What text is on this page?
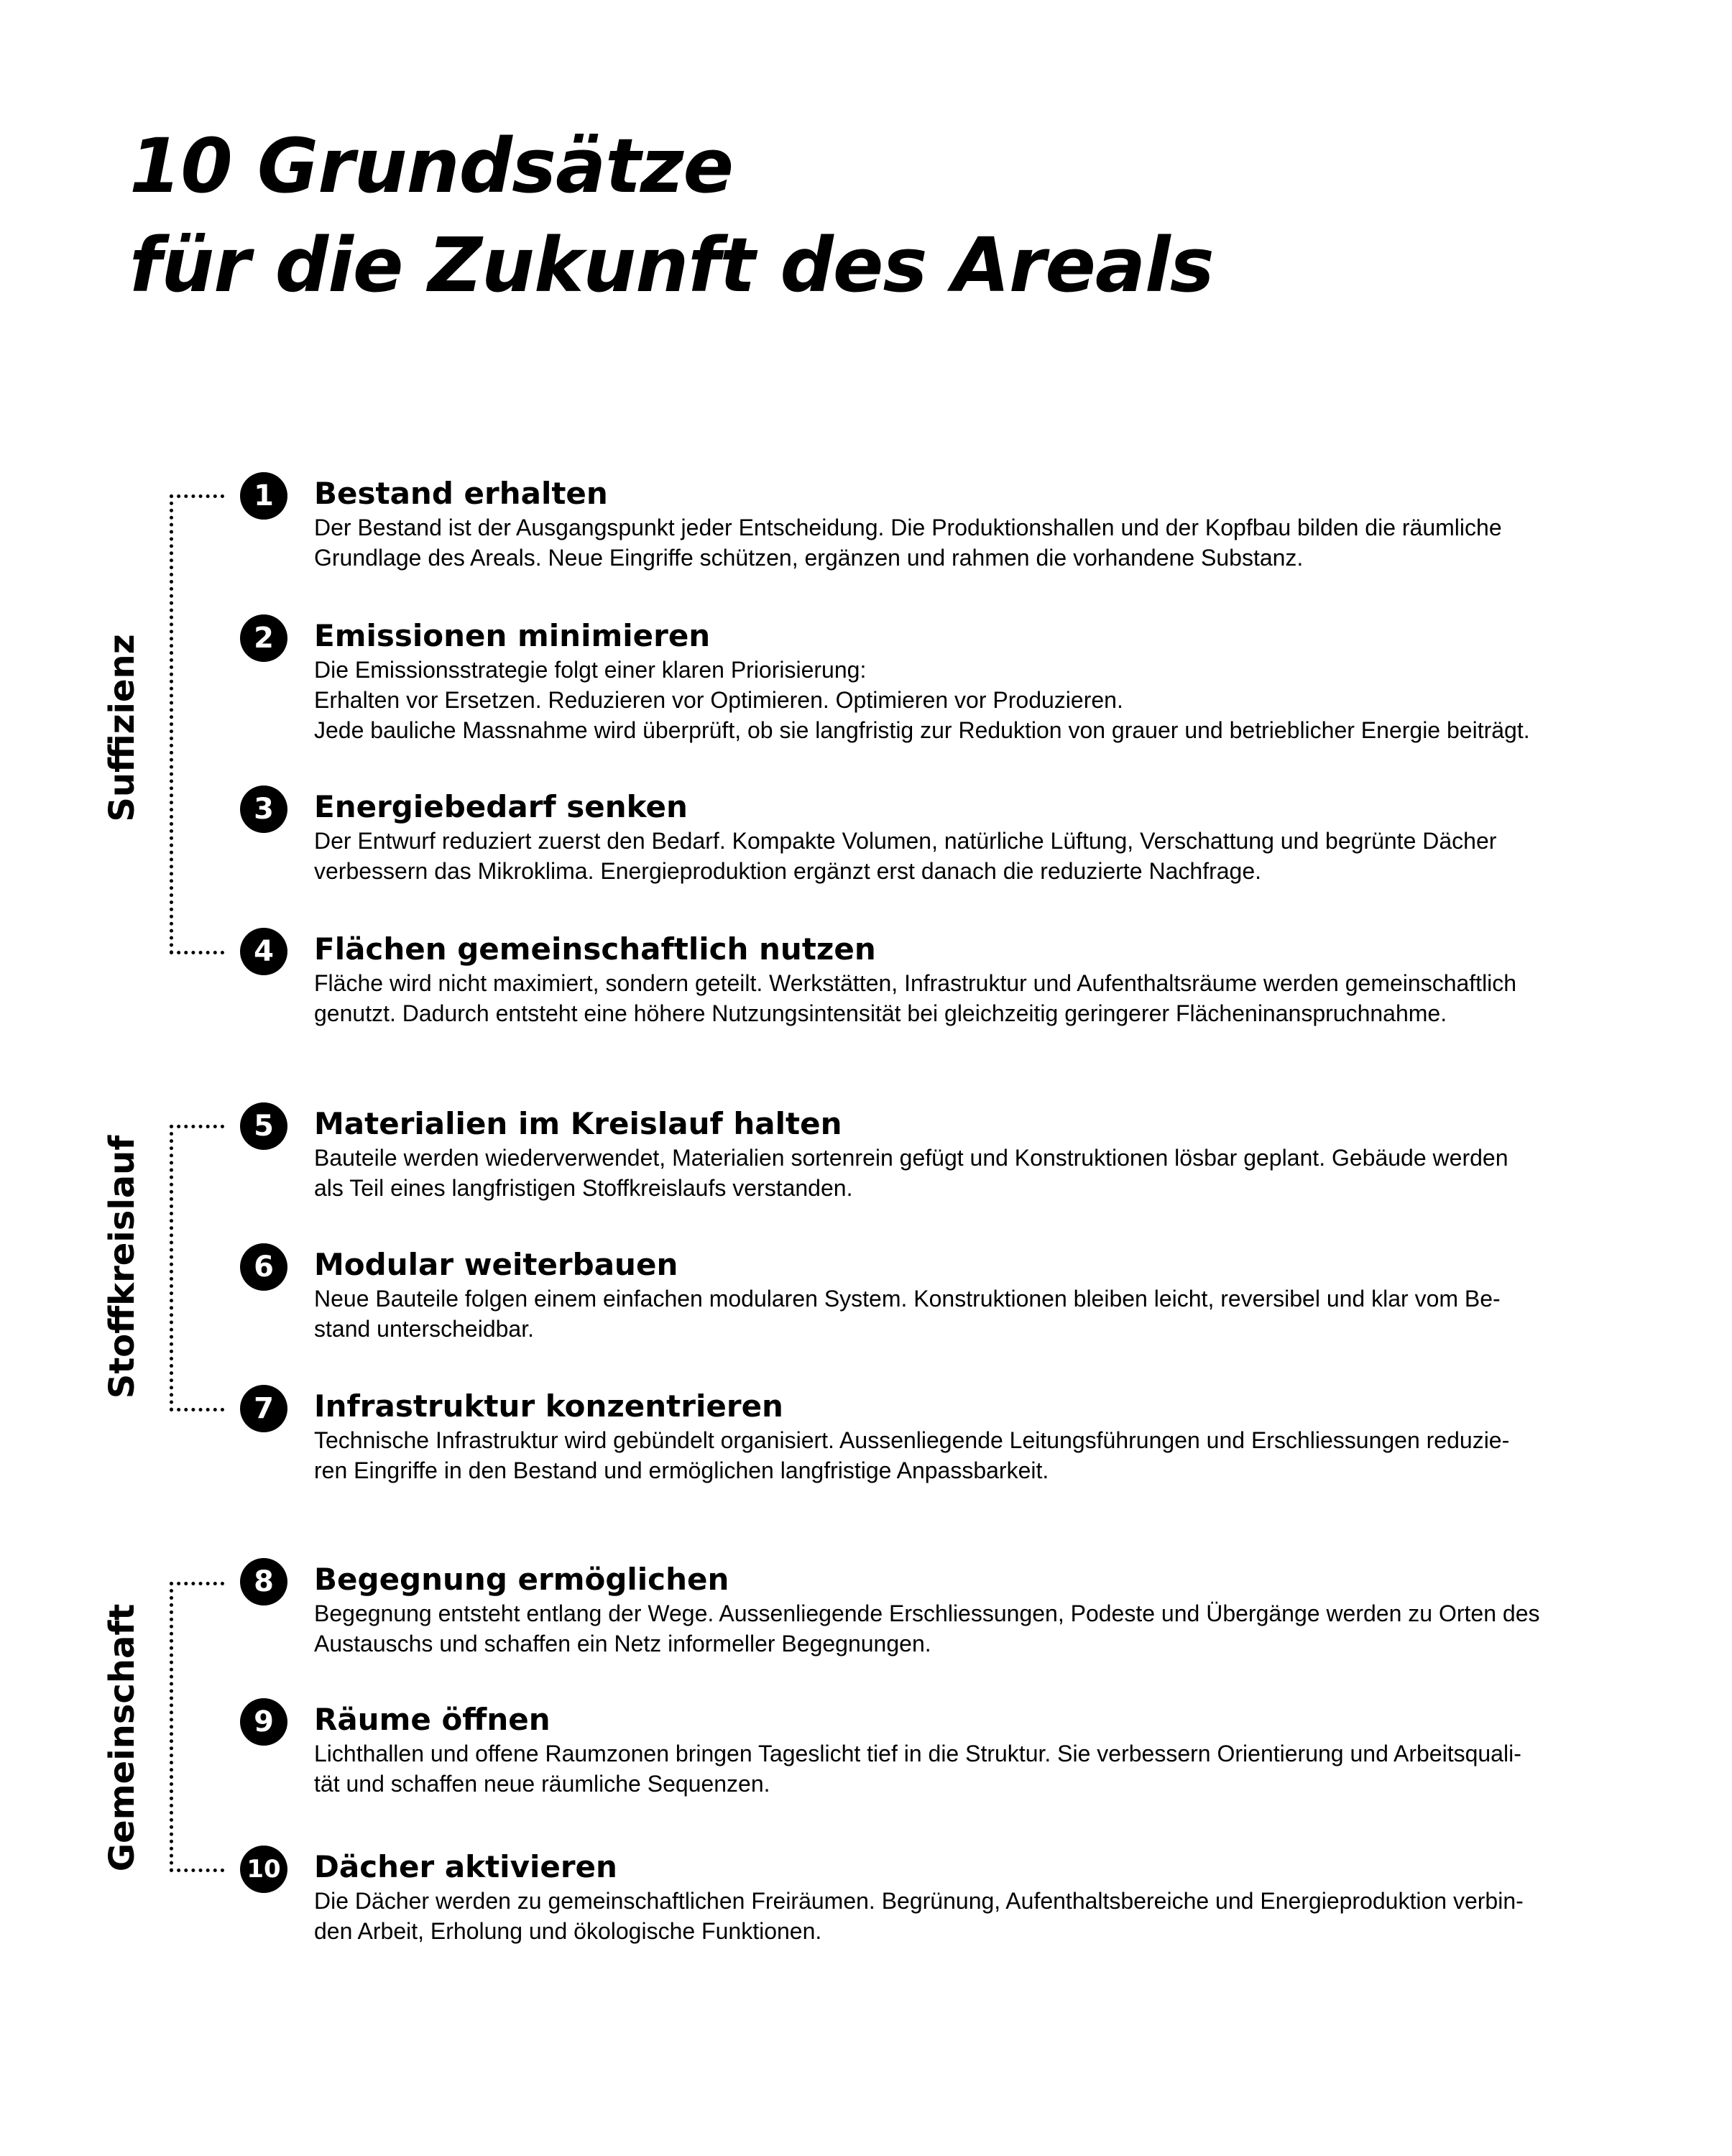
10 Grundsätze
für die Zukunft des Areals
Suffizienz
Stoffkreislauf
Gemeinschaft
1	Bestand erhalten

Der Bestand ist der Ausgangspunkt jeder Entscheidung. Die Produktionshallen und der Kopfbau bilden die räumliche
Grundlage des Areals. Neue Eingriffe schützen, ergänzen und rahmen die vorhandene Substanz.

2	Emissionen minimieren

Die Emissionsstrategie folgt einer klaren Priorisierung:
Erhalten vor Ersetzen. Reduzieren vor Optimieren. Optimieren vor Produzieren.
Jede bauliche Massnahme wird überprüft, ob sie langfristig zur Reduktion von grauer und betrieblicher Energie beiträgt.

3	Energiebedarf senken

Der Entwurf reduziert zuerst den Bedarf. Kompakte Volumen, natürliche Lüftung, Verschattung und begrünte Dächer
verbessern das Mikroklima. Energieproduktion ergänzt erst danach die reduzierte Nachfrage.

4	Flächen gemeinschaftlich nutzen

Fläche wird nicht maximiert, sondern geteilt. Werkstätten, Infrastruktur und Aufenthaltsräume werden gemeinschaftlich
genutzt. Dadurch entsteht eine höhere Nutzungsintensität bei gleichzeitig geringerer Flächeninanspruchnahme.

5	Materialien im Kreislauf halten

Bauteile werden wiederverwendet, Materialien sortenrein gefügt und Konstruktionen lösbar geplant. Gebäude werden
als Teil eines langfristigen Stoffkreislaufs verstanden.

6	Modular weiterbauen

Neue Bauteile folgen einem einfachen modularen System. Konstruktionen bleiben leicht, reversibel und klar vom Be-
stand unterscheidbar.

7	Infrastruktur konzentrieren

Technische Infrastruktur wird gebündelt organisiert. Aussenliegende Leitungsführungen und Erschliessungen reduzie-
ren Eingriffe in den Bestand und ermöglichen langfristige Anpassbarkeit.

8	Begegnung ermöglichen

Begegnung entsteht entlang der Wege. Aussenliegende Erschliessungen, Podeste und Übergänge werden zu Orten des
Austauschs und schaffen ein Netz informeller Begegnungen.

9	Räume öffnen

Lichthallen und offene Raumzonen bringen Tageslicht tief in die Struktur. Sie verbessern Orientierung und Arbeitsquali-
tät und schaffen neue räumliche Sequenzen.

10 Dächer aktivieren

Die Dächer werden zu gemeinschaftlichen Freiräumen. Begrünung, Aufenthaltsbereiche und Energieproduktion verbin-
den Arbeit, Erholung und ökologische Funktionen.
